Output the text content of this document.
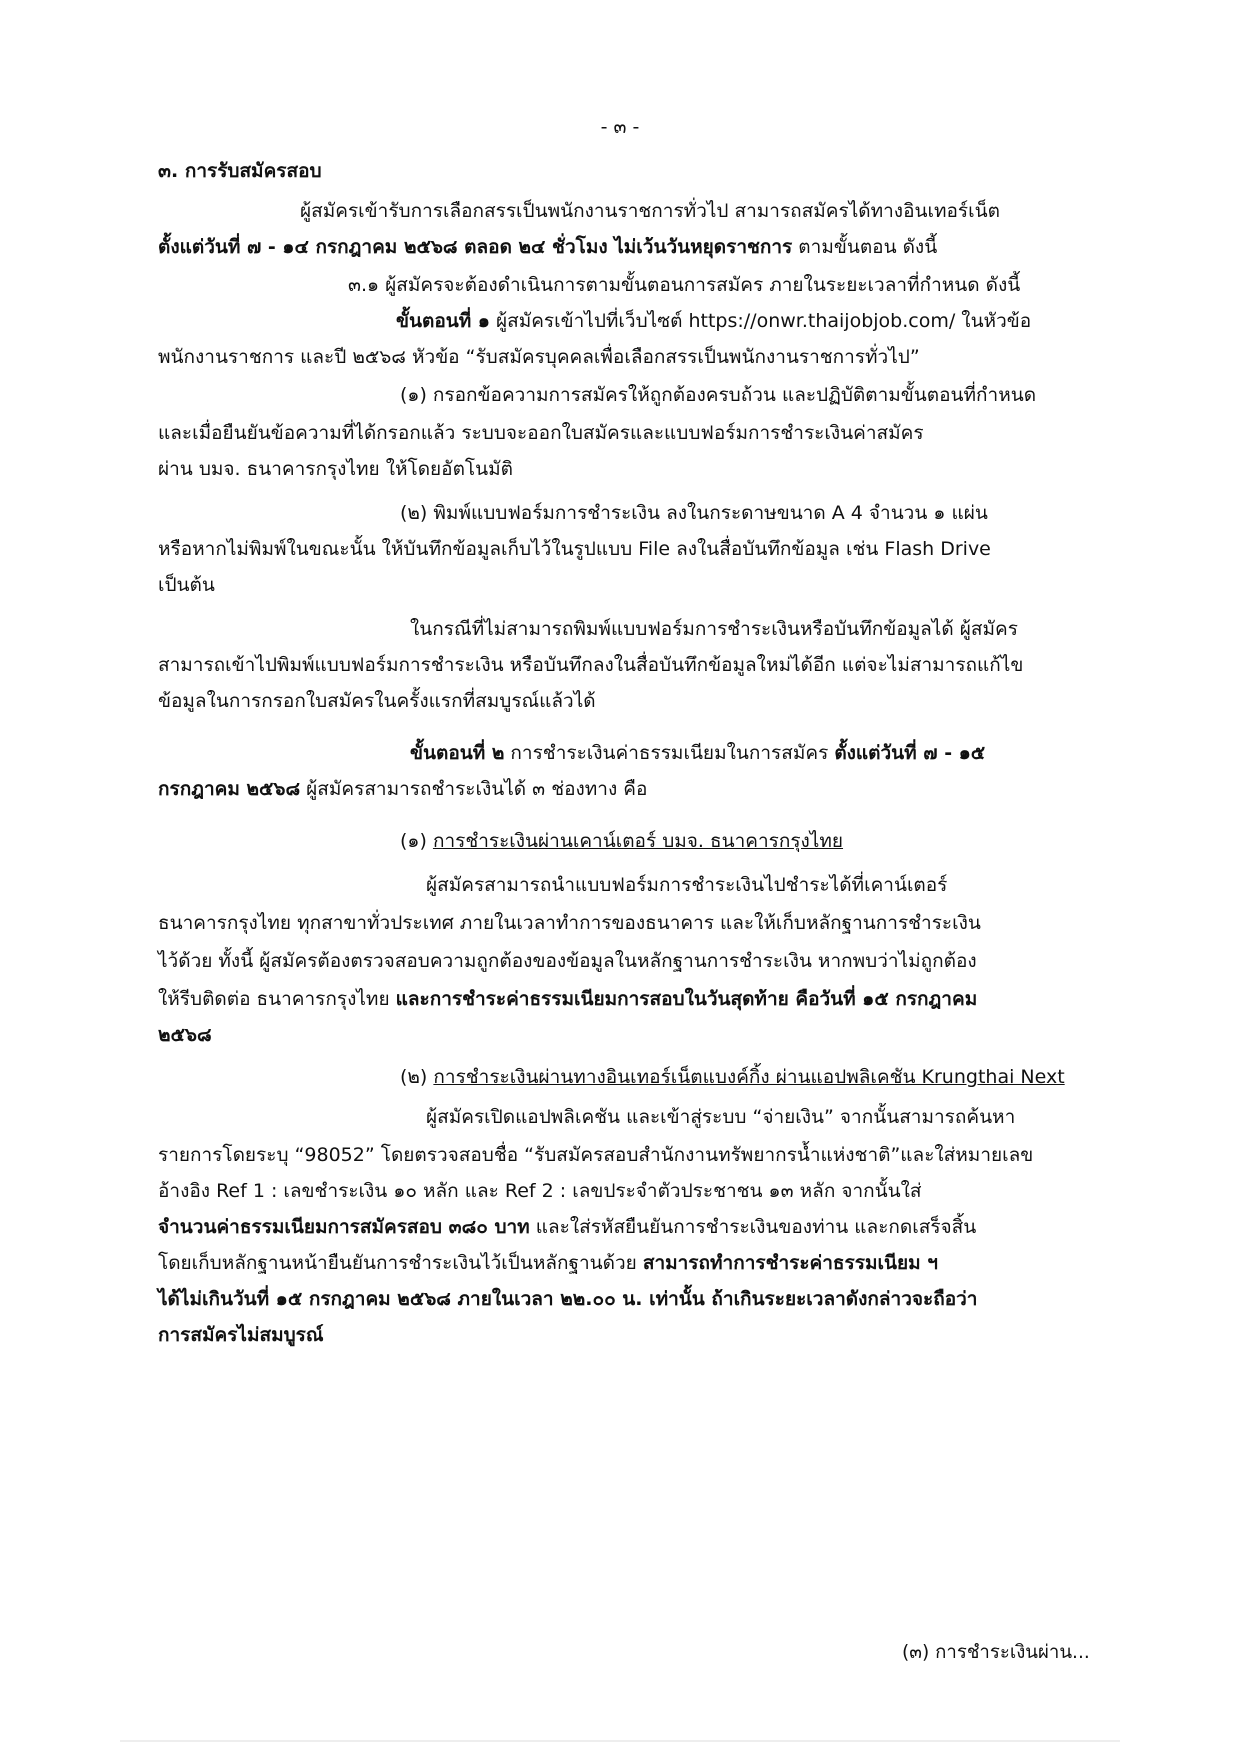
- ๓ -
๓. การรับสมัครสอบ
ผู้สมัครเข้ารับการเลือกสรรเป็นพนักงานราชการทั่วไป สามารถสมัครได้ทางอินเทอร์เน็ต
ตั้งแต่วันที่ ๗ - ๑๔ กรกฎาคม ๒๕๖๘ ตลอด ๒๔ ชั่วโมง ไม่เว้นวันหยุดราชการ ตามขั้นตอน ดังนี้
๓.๑ ผู้สมัครจะต้องดำเนินการตามขั้นตอนการสมัคร ภายในระยะเวลาที่กำหนด ดังนี้
ขั้นตอนที่ ๑ ผู้สมัครเข้าไปที่เว็บไซต์ https://onwr.thaijobjob.com/ ในหัวข้อ
พนักงานราชการ และปี ๒๕๖๘ หัวข้อ “รับสมัครบุคคลเพื่อเลือกสรรเป็นพนักงานราชการทั่วไป”
(๑) กรอกข้อความการสมัครให้ถูกต้องครบถ้วน และปฏิบัติตามขั้นตอนที่กำหนด
และเมื่อยืนยันข้อความที่ได้กรอกแล้ว ระบบจะออกใบสมัครและแบบฟอร์มการชำระเงินค่าสมัคร
ผ่าน บมจ. ธนาคารกรุงไทย ให้โดยอัตโนมัติ
(๒) พิมพ์แบบฟอร์มการชำระเงิน ลงในกระดาษขนาด A 4 จำนวน ๑ แผ่น
หรือหากไม่พิมพ์ในขณะนั้น ให้บันทึกข้อมูลเก็บไว้ในรูปแบบ File ลงในสื่อบันทึกข้อมูล เช่น Flash Drive
เป็นต้น
ในกรณีที่ไม่สามารถพิมพ์แบบฟอร์มการชำระเงินหรือบันทึกข้อมูลได้ ผู้สมัคร
สามารถเข้าไปพิมพ์แบบฟอร์มการชำระเงิน หรือบันทึกลงในสื่อบันทึกข้อมูลใหม่ได้อีก แต่จะไม่สามารถแก้ไข
ข้อมูลในการกรอกใบสมัครในครั้งแรกที่สมบูรณ์แล้วได้
ขั้นตอนที่ ๒ การชำระเงินค่าธรรมเนียมในการสมัคร ตั้งแต่วันที่ ๗ - ๑๕
กรกฎาคม ๒๕๖๘ ผู้สมัครสามารถชำระเงินได้ ๓ ช่องทาง คือ
(๑) การชำระเงินผ่านเคาน์เตอร์ บมจ. ธนาคารกรุงไทย
ผู้สมัครสามารถนำแบบฟอร์มการชำระเงินไปชำระได้ที่เคาน์เตอร์
ธนาคารกรุงไทย ทุกสาขาทั่วประเทศ ภายในเวลาทำการของธนาคาร และให้เก็บหลักฐานการชำระเงิน
ไว้ด้วย ทั้งนี้ ผู้สมัครต้องตรวจสอบความถูกต้องของข้อมูลในหลักฐานการชำระเงิน หากพบว่าไม่ถูกต้อง
ให้รีบติดต่อ ธนาคารกรุงไทย และการชำระค่าธรรมเนียมการสอบในวันสุดท้าย คือวันที่ ๑๕ กรกฎาคม
๒๕๖๘
(๒) การชำระเงินผ่านทางอินเทอร์เน็ตแบงค์กิ้ง ผ่านแอปพลิเคชัน Krungthai Next
ผู้สมัครเปิดแอปพลิเคชัน และเข้าสู่ระบบ “จ่ายเงิน” จากนั้นสามารถค้นหา
รายการโดยระบุ “98052” โดยตรวจสอบชื่อ “รับสมัครสอบสำนักงานทรัพยากรน้ำแห่งชาติ”และใส่หมายเลข
อ้างอิง Ref 1 : เลขชำระเงิน ๑๐ หลัก และ Ref 2 : เลขประจำตัวประชาชน ๑๓ หลัก จากนั้นใส่
จำนวนค่าธรรมเนียมการสมัครสอบ ๓๘๐ บาท และใส่รหัสยืนยันการชำระเงินของท่าน และกดเสร็จสิ้น
โดยเก็บหลักฐานหน้ายืนยันการชำระเงินไว้เป็นหลักฐานด้วย สามารถทำการชำระค่าธรรมเนียม ฯ
ได้ไม่เกินวันที่ ๑๕ กรกฎาคม ๒๕๖๘ ภายในเวลา ๒๒.๐๐ น. เท่านั้น ถ้าเกินระยะเวลาดังกล่าวจะถือว่า
การสมัครไม่สมบูรณ์
(๓) การชำระเงินผ่าน...
